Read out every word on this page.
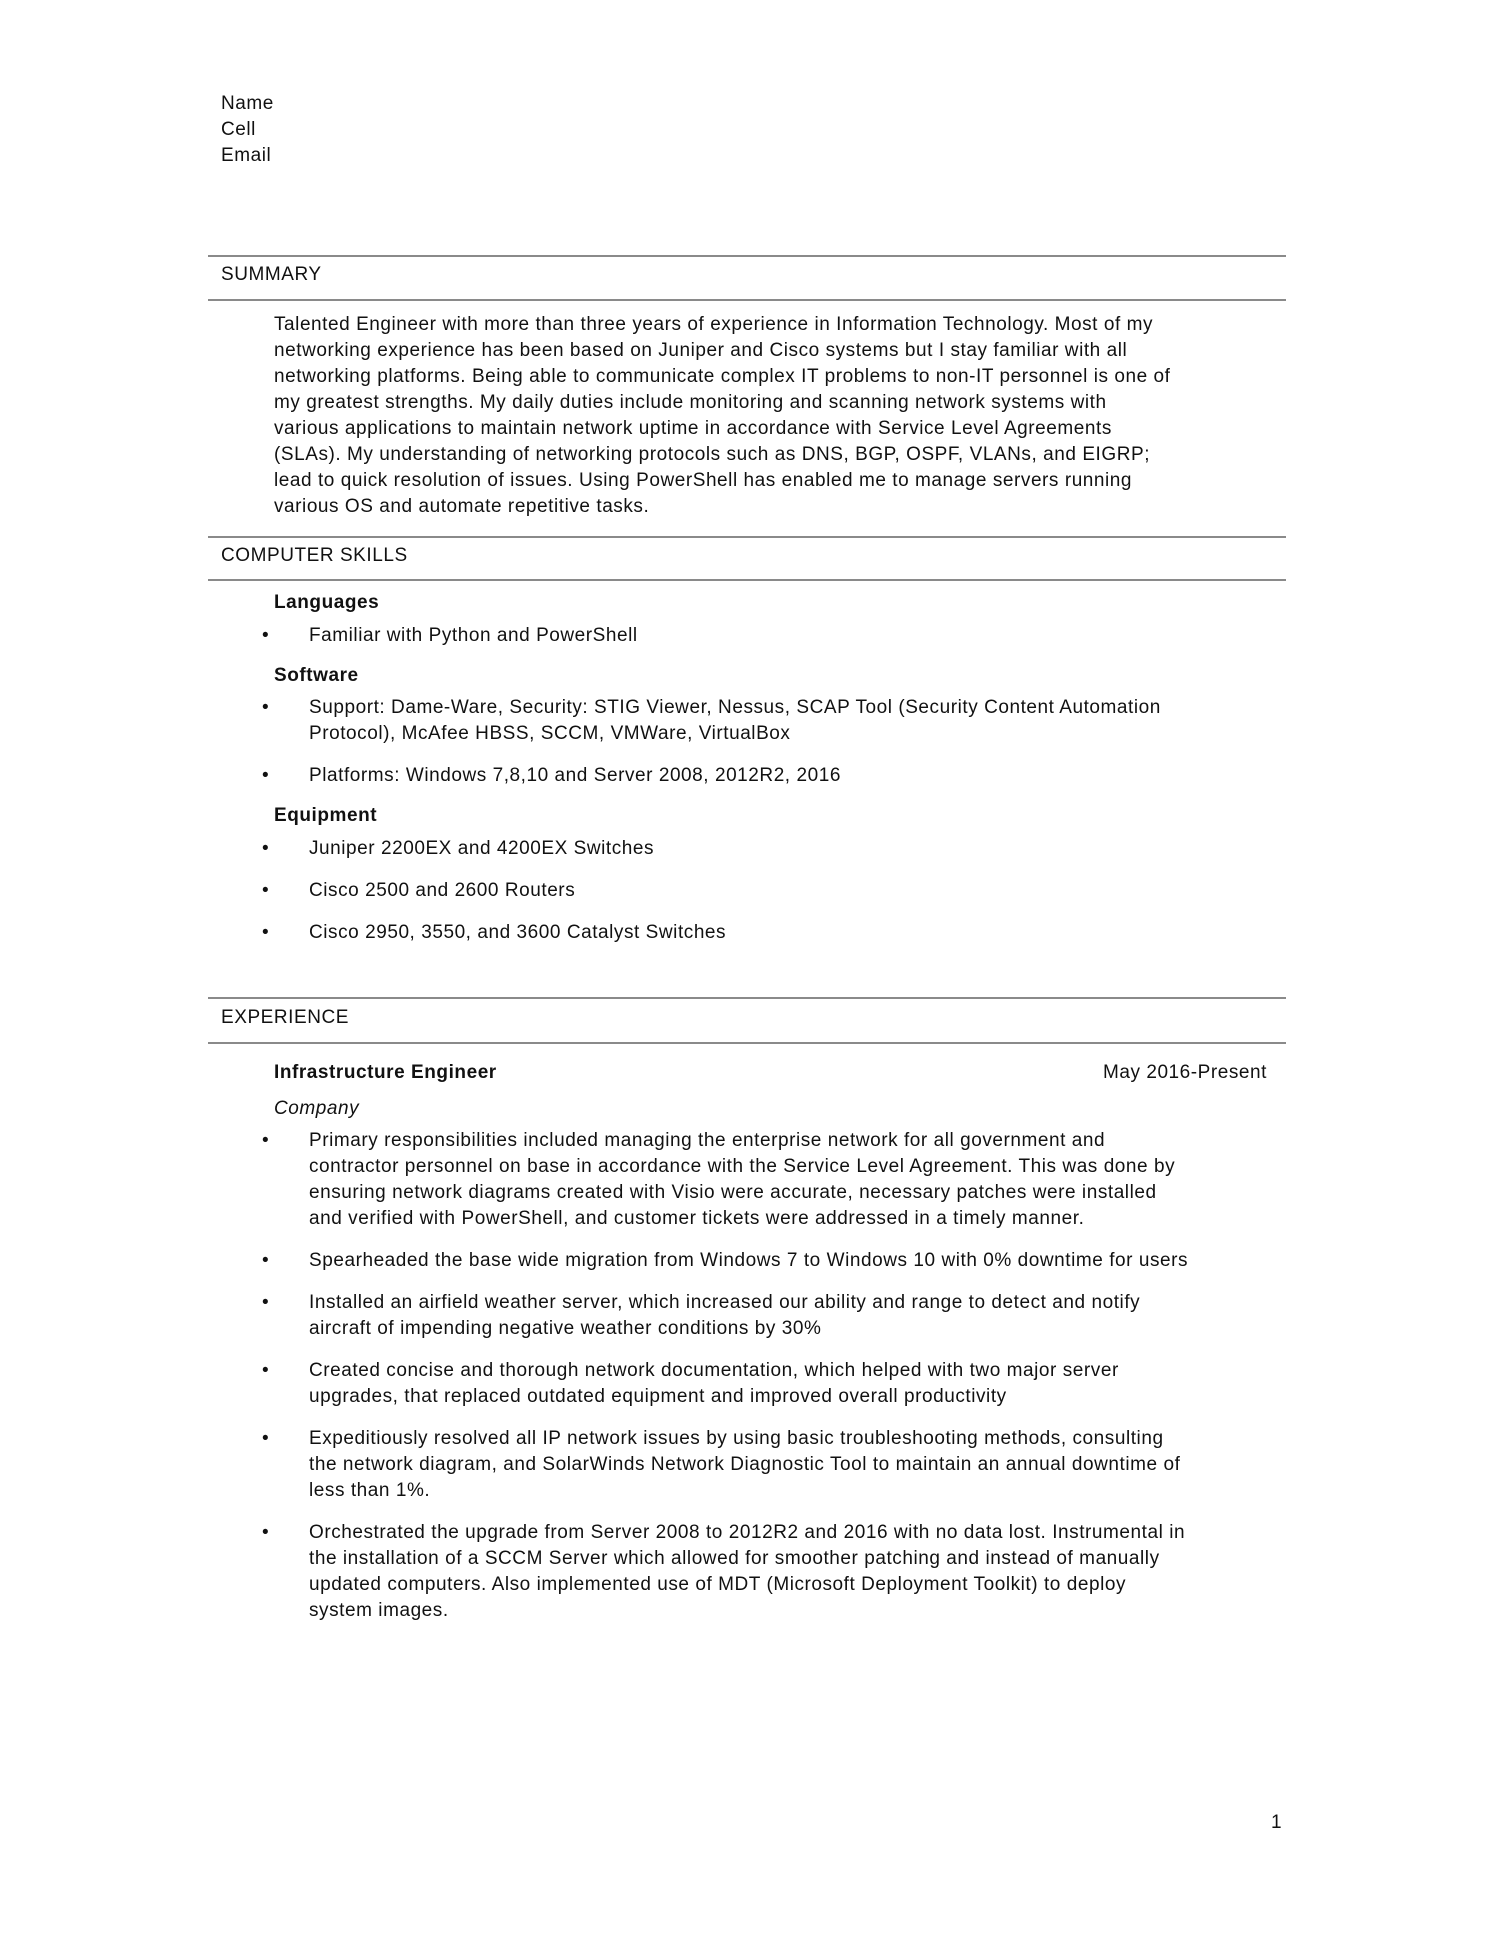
Name
Cell
Email
SUMMARY
Talented Engineer with more than three years of experience in Information Technology. Most of my
networking experience has been based on Juniper and Cisco systems but I stay familiar with all
networking platforms. Being able to communicate complex IT problems to non-IT personnel is one of
my greatest strengths. My daily duties include monitoring and scanning network systems with
various applications to maintain network uptime in accordance with Service Level Agreements
(SLAs). My understanding of networking protocols such as DNS, BGP, OSPF, VLANs, and EIGRP;
lead to quick resolution of issues. Using PowerShell has enabled me to manage servers running
various OS and automate repetitive tasks.
COMPUTER SKILLS
Languages
• Familiar with Python and PowerShell
Software
• Support: Dame-Ware, Security: STIG Viewer, Nessus, SCAP Tool (Security Content Automation
Protocol), McAfee HBSS, SCCM, VMWare, VirtualBox
• Platforms: Windows 7,8,10 and Server 2008, 2012R2, 2016
Equipment
• Juniper 2200EX and 4200EX Switches
• Cisco 2500 and 2600 Routers
• Cisco 2950, 3550, and 3600 Catalyst Switches
EXPERIENCE
Infrastructure Engineer	May 2016-Present
Company
• Primary responsibilities included managing the enterprise network for all government and
contractor personnel on base in accordance with the Service Level Agreement. This was done by
ensuring network diagrams created with Visio were accurate, necessary patches were installed
and verified with PowerShell, and customer tickets were addressed in a timely manner.
• Spearheaded the base wide migration from Windows 7 to Windows 10 with 0% downtime for users
• Installed an airfield weather server, which increased our ability and range to detect and notify
aircraft of impending negative weather conditions by 30%
• Created concise and thorough network documentation, which helped with two major server
upgrades, that replaced outdated equipment and improved overall productivity
• Expeditiously resolved all IP network issues by using basic troubleshooting methods, consulting
the network diagram, and SolarWinds Network Diagnostic Tool to maintain an annual downtime of
less than 1%.
• Orchestrated the upgrade from Server 2008 to 2012R2 and 2016 with no data lost. Instrumental in
the installation of a SCCM Server which allowed for smoother patching and instead of manually
updated computers. Also implemented use of MDT (Microsoft Deployment Toolkit) to deploy
system images.
1
